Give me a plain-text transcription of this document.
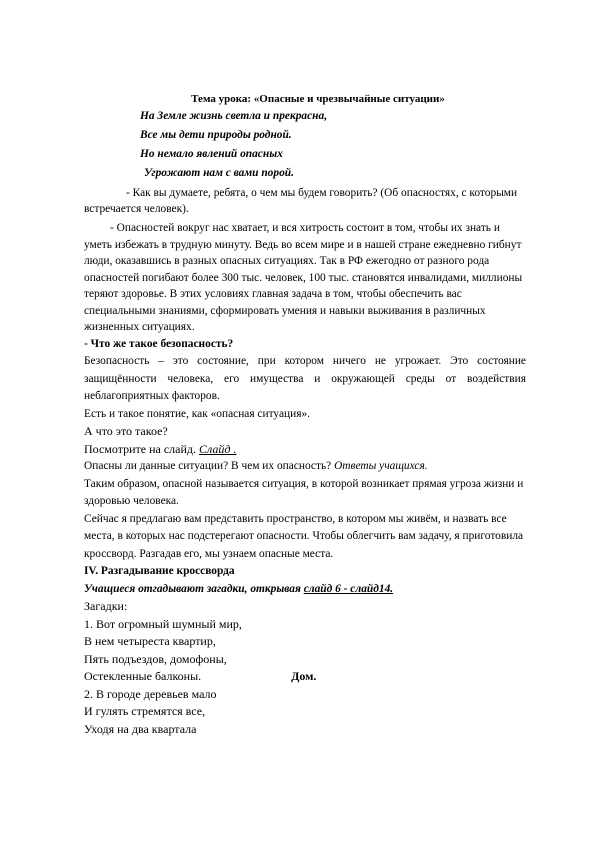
Тема урока: «Опасные и чрезвычайные ситуации»
На Земле жизнь светла и прекрасна,
Все мы дети природы родной.
Но немало явлений опасных
Угрожают нам с вами порой.
- Как вы думаете, ребята, о чем мы будем говорить? (Об опасностях, с которыми встречается человек).
- Опасностей вокруг нас хватает, и вся хитрость состоит в том, чтобы их знать и уметь избежать в трудную минуту. Ведь во всем мире и в нашей стране ежедневно гибнут люди, оказавшись в разных опасных ситуациях. Так в РФ ежегодно от разного рода опасностей погибают более 300 тыс. человек, 100 тыс. становятся инвалидами, миллионы теряют здоровье. В этих условиях главная задача в том, чтобы обеспечить вас специальными знаниями, сформировать умения и навыки выживания в различных жизненных ситуациях.
- Что же такое безопасность?
Безопасность – это состояние, при котором ничего не угрожает. Это состояние защищённости человека, его имущества и окружающей среды от воздействия неблагоприятных факторов.
Есть и такое понятие, как «опасная ситуация».
А что это такое?
Посмотрите на слайд. Слайд .
Опасны ли данные ситуации? В чем их опасность? Ответы учащихся.
Таким образом, опасной называется ситуация, в которой возникает прямая угроза жизни и здоровью человека.
Сейчас я предлагаю вам представить пространство, в котором мы живём, и назвать все места, в которых нас подстерегают опасности. Чтобы облегчить вам задачу, я приготовила кроссворд. Разгадав его, мы узнаем опасные места.
IV. Разгадывание кроссворда
Учащиеся отгадывают загадки, открывая слайд 6 - слайд14.
Загадки:
1. Вот огромный шумный мир,
В нем четыреста квартир,
Пять подъездов, домофоны,
Остекленные балконы.	Дом.
2. В городе деревьев мало
И гулять стремятся все,
Уходя на два квартала
